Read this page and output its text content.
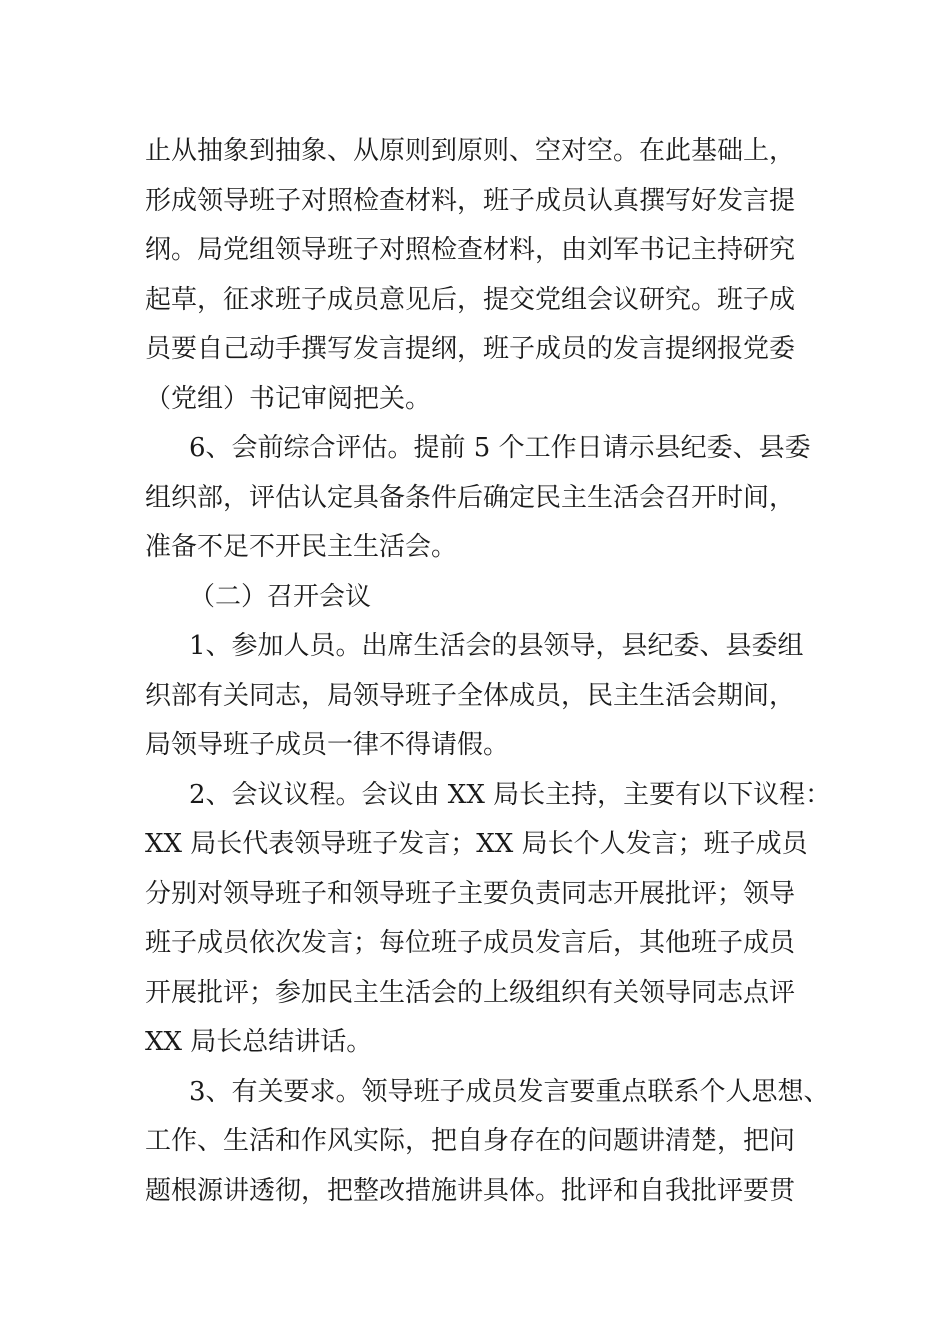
止从抽象到抽象、从原则到原则、空对空。在此基础上，
形成领导班子对照检查材料，班子成员认真撰写好发言提
纲。局党组领导班子对照检查材料，由刘军书记主持研究
起草，征求班子成员意见后，提交党组会议研究。班子成
员要自己动手撰写发言提纲，班子成员的发言提纲报党委
（党组）书记审阅把关。
6、会前综合评估。提前 5 个工作日请示县纪委、县委
组织部，评估认定具备条件后确定民主生活会召开时间，
准备不足不开民主生活会。
（二）召开会议
1、参加人员。出席生活会的县领导，县纪委、县委组
织部有关同志，局领导班子全体成员，民主生活会期间，
局领导班子成员一律不得请假。
2、会议议程。会议由 XX 局长主持，主要有以下议程：
XX 局长代表领导班子发言；XX 局长个人发言；班子成员
分别对领导班子和领导班子主要负责同志开展批评；领导
班子成员依次发言；每位班子成员发言后，其他班子成员
开展批评；参加民主生活会的上级组织有关领导同志点评
XX 局长总结讲话。
3、有关要求。领导班子成员发言要重点联系个人思想、
工作、生活和作风实际，把自身存在的问题讲清楚，把问
题根源讲透彻，把整改措施讲具体。批评和自我批评要贯
